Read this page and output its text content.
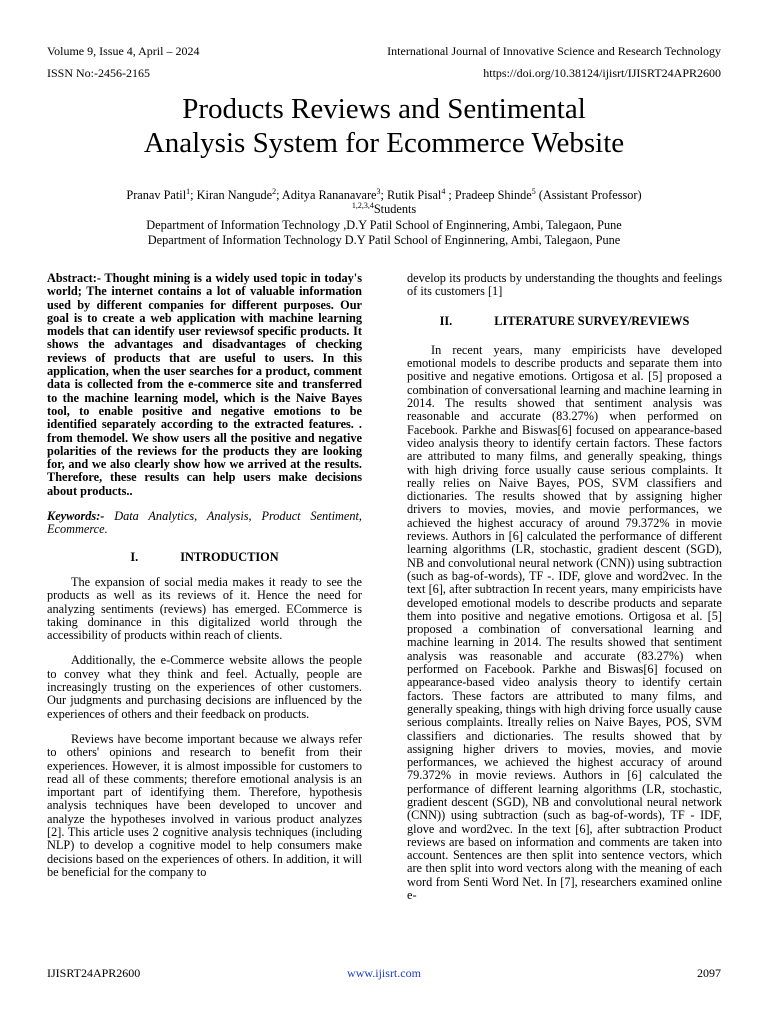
Volume 9, Issue 4, April ‒ 2024	International Journal of Innovative Science and Research Technology
ISSN No:-2456-2165	https://doi.org/10.38124/ijisrt/IJISRT24APR2600
Products Reviews and Sentimental
Analysis System for Ecommerce Website
Pranav Patil$^1$; Kiran Nangude$^2$; Aditya Rananavare$^3$; Rutik Pisal$^4$ ; Pradeep Shinde$^5$ (Assistant Professor)
$^{1,2,3,4}$Students
Department of Information Technology ,D.Y Patil School of Enginnering, Ambi, Talegaon, Pune
Department of Information Technology D.Y Patil School of Enginnering, Ambi, Talegaon, Pune

Abstract:- Thought mining is a widely used topic in today's world; The internet contains a lot of valuable information used by different companies for different purposes. Our goal is to create a web application with machine learning models that can identify user reviewsof specific products. It shows the advantages and disadvantages of checking reviews of products that are useful to users. In this application, when the user searches for a product, comment data is collected from the e-commerce site and transferred to the machine learning model, which is the Naive Bayes tool, to enable positive and negative emotions to be identified separately according to the extracted features. . from themodel. We show users all the positive and negative polarities of the reviews for the products they are looking for, and we also clearly show how we arrived at the results. Therefore, these results can help users make decisions about products..

Keywords:- Data Analytics, Analysis, Product Sentiment, Ecommerce.

I.	INTRODUCTION

The expansion of social media makes it ready to see the products as well as its reviews of it. Hence the need for analyzing sentiments (reviews) has emerged. ECommerce is taking dominance in this digitalized world through the accessibility of products within reach of clients.

Additionally, the e-Commerce website allows the people to convey what they think and feel. Actually, people are increasingly trusting on the experiences of other customers. Our judgments and purchasing decisions are influenced by the experiences of others and their feedback on products.

Reviews have become important because we always refer to others' opinions and research to benefit from their experiences. However, it is almost impossible for customers to read all of these comments; therefore emotional analysis is an important part of identifying them. Therefore, hypothesis analysis techniques have been developed to uncover and analyze the hypotheses involved in various product analyzes [2]. This article uses 2 cognitive analysis techniques (including NLP) to develop a cognitive model to help consumers make decisions based on the experiences of others. In addition, it will be beneficial for the company to

develop its products by understanding the thoughts and feelings of its customers [1]

II.	LITERATURE SURVEY/REVIEWS

In recent years, many empiricists have developed emotional models to describe products and separate them into positive and negative emotions. Ortigosa et al. [5] proposed a combination of conversational learning and machine learning in 2014. The results showed that sentiment analysis was reasonable and accurate (83.27%) when performed on Facebook. Parkhe and Biswas[6] focused on appearance-based video analysis theory to identify certain factors. These factors are attributed to many films, and generally speaking, things with high driving force usually cause serious complaints. It really relies on Naive Bayes, POS, SVM classifiers and dictionaries. The results showed that by assigning higher drivers to movies, movies, and movie performances, we achieved the highest accuracy of around 79.372% in movie reviews. Authors in [6] calculated the performance of different learning algorithms (LR, stochastic, gradient descent (SGD), NB and convolutional neural network (CNN)) using subtraction (such as bag-of-words), TF -. IDF, glove and word2vec. In the text [6], after subtraction In recent years, many empiricists have developed emotional models to describe products and separate them into positive and negative emotions. Ortigosa et al. [5] proposed a combination of conversational learning and machine learning in 2014. The results showed that sentiment analysis was reasonable and accurate (83.27%) when performed on Facebook. Parkhe and Biswas[6] focused on appearance-based video analysis theory to identify certain factors. These factors are attributed to many films, and generally speaking, things with high driving force usually cause serious complaints. Itreally relies on Naive Bayes, POS, SVM classifiers and dictionaries. The results showed that by assigning higher drivers to movies, movies, and movie performances, we achieved the highest accuracy of around 79.372% in movie reviews. Authors in [6] calculated the performance of different learning algorithms (LR, stochastic, gradient descent (SGD), NB and convolutional neural network (CNN)) using subtraction (such as bag-of-words), TF - IDF, glove and word2vec. In the text [6], after subtraction Product reviews are based on information and comments are taken into account. Sentences are then split into sentence vectors, which are then split into word vectors along with the meaning of each word from Senti Word Net. In [7], researchers examined online e-

IJISRT24APR2600	www.ijisrt.com	2097
